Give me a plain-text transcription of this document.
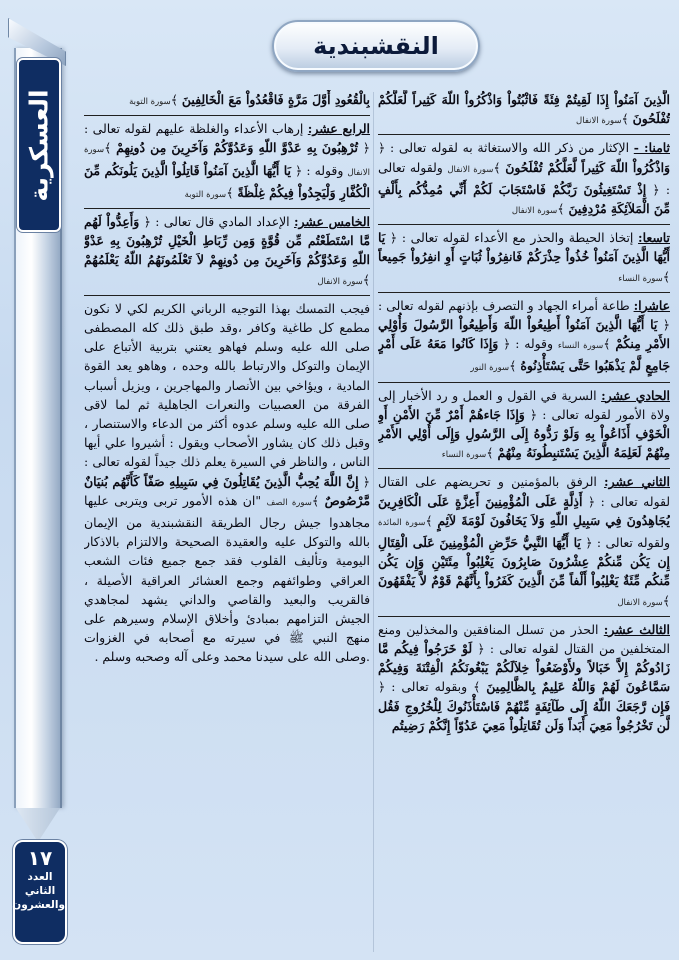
العسكرية
١٧
العدد
الثاني
والعشرون
النقشبندية

الَّذِينَ آمَنُواْ إِذَا لَقِيتُمْ فِئَةً فَاثْبُتُواْ وَاذْكُرُواْ اللّهَ كَثِيراً لَّعَلَّكُمْ تُفْلَحُونَ ﴾سورة الانفال

ثامنا: - الإكثار من ذكر الله والاستغاثة به لقوله تعالى : ﴿ وَاذْكُرُواْ اللّهَ كَثِيراً لَّعَلَّكُمْ تُفْلَحُونَ ﴾سورة الانفال ولقوله تعالى : ﴿ إِذْ تَسْتَغِيثُونَ رَبَّكُمْ فَاسْتَجَابَ لَكُمْ أَنِّي مُمِدُّكُم بِأَلْفٍ مِّنَ الْمَلآئِكَةِ مُرْدِفِينَ ﴾سورة الانفال

تاسعا: إتخاذ الحيطة والحذر مع الأعداء لقوله تعالى : ﴿ يَا أَيُّهَا الَّذِينَ آمَنُواْ خُذُواْ حِذْرَكُمْ فَانفِرُواْ ثُبَاتٍ أَوِ انفِرُواْ جَمِيعاً ﴾سورة النساء

عاشرا: طاعة أمراء الجهاد و التصرف بإذنهم لقوله تعالى : ﴿ يَا أَيُّهَا الَّذِينَ آمَنُواْ أَطِيعُواْ اللّهَ وَأَطِيعُواْ الرَّسُولَ وَأُوْلِي الأَمْرِ مِنكُمْ ﴾سورة النساء وقوله : ﴿ وَإِذَا كَانُوا مَعَهُ عَلَى أَمْرٍ جَامِعٍ لَّمْ يَذْهَبُوا حَتَّى يَسْتَأْذِنُوهُ ﴾سورة النور

الحادي عشر: السرية في القول و العمل و رد الأخبار إلى ولاة الأمور لقوله تعالى : ﴿ وَإِذَا جَاءهُمْ أَمْرٌ مِّنَ الأَمْنِ أَوِ الْخَوْفِ أَذَاعُواْ بِهِ وَلَوْ رَدُّوهُ إِلَى الرَّسُولِ وَإِلَى أُوْلِي الأَمْرِ مِنْهُمْ لَعَلِمَهُ الَّذِينَ يَسْتَنبِطُونَهُ مِنْهُمْ ﴾سورة النساء

الثاني عشر: الرفق بالمؤمنين و تحريضهم على القتال لقوله تعالى : ﴿ أَذِلَّةٍ عَلَى الْمُؤْمِنِينَ أَعِزَّةٍ عَلَى الْكَافِرِينَ يُجَاهِدُونَ فِي سَبِيلِ اللّهِ وَلاَ يَخَافُونَ لَوْمَةَ لآئِمٍ ﴾سورة المائدة ولقوله تعالى : ﴿ يَا أَيُّهَا النَّبِيُّ حَرِّضِ الْمُؤْمِنِينَ عَلَى الْقِتَالِ إِن يَكُن مِّنكُمْ عِشْرُونَ صَابِرُونَ يَغْلِبُواْ مِئَتَيْنِ وَإِن يَكُن مِّنكُم مِّئَةٌ يَغْلِبُواْ أَلْفاً مِّنَ الَّذِينَ كَفَرُواْ بِأَنَّهُمْ قَوْمٌ لاَّ يَفْقَهُونَ ﴾سورة الانفال

الثالث عشر: الحذر من تسلل المنافقين والمخذلين ومنع المتخلفين من القتال لقوله تعالى : ﴿ لَوْ خَرَجُواْ فِيكُم مَّا زَادُوكُمْ إِلاَّ خَبَالاً ولأَوْضَعُواْ خِلاَلَكُمْ يَبْغُونَكُمُ الْفِتْنَةَ وَفِيكُمْ سَمَّاعُونَ لَهُمْ وَاللّهُ عَلِيمٌ بِالظَّالِمِينَ ﴾ وبقوله تعالى : ﴿ فَإِن رَّجَعَكَ اللّهُ إِلَى طَآئِفَةٍ مِّنْهُمْ فَاسْتَأْذَنُوكَ لِلْخُرُوجِ فَقُل لَّن تَخْرُجُواْ مَعِيَ أَبَداً وَلَن تُقَاتِلُواْ مَعِيَ عَدُوّاً إِنَّكُمْ رَضِيتُم

بِالْقُعُودِ أَوَّلَ مَرَّةٍ فَاقْعُدُواْ مَعَ الْخَالِفِينَ ﴾سورة التوبة

الرابع عشر: إرهاب الأعداء والغلظة عليهم لقوله تعالى : ﴿ تُرْهِبُونَ بِهِ عَدْوَّ اللّهِ وَعَدُوَّكُمْ وَآخَرِينَ مِن دُونِهِمْ ﴾سورة الانفال وقوله : ﴿ يَا أَيُّهَا الَّذِينَ آمَنُواْ قَاتِلُواْ الَّذِينَ يَلُونَكُم مِّنَ الْكُفَّارِ وَلْيَجِدُواْ فِيكُمْ غِلْظَةً ﴾سورة التوبة

الخامس عشر: الإعداد المادي قال تعالى : ﴿ وَأَعِدُّواْ لَهُم مَّا اسْتَطَعْتُم مِّن قُوَّةٍ وَمِن رِّبَاطِ الْخَيْلِ تُرْهِبُونَ بِهِ عَدْوَّ اللّهِ وَعَدُوَّكُمْ وَآخَرِينَ مِن دُونِهِمْ لاَ تَعْلَمُونَهُمُ اللّهُ يَعْلَمُهُمْ ﴾سورة الانفال

فيجب التمسك بهذا التوجيه الرباني الكريم لكي لا نكون مطمع كل طاغية وكافر ،وقد طبق ذلك كله المصطفى صلى الله عليه وسلم فهاهو يعتني بتربية الأتباع على الإيمان والتوكل والارتباط بالله وحده ، وهاهو يعد القوة المادية ، ويؤاخي بين الأنصار والمهاجرين ، ويزيل أسباب الفرقة من العصبيات والنعرات الجاهلية ثم لما لاقى صلى الله عليه وسلم عدوه أكثر من الدعاء والاستنصار ، وقبل ذلك كان يشاور الأصحاب ويقول : أشيروا علي أيها الناس ، والناظر في السيرة يعلم ذلك جيداً لقوله تعالى : ﴿ إِنَّ اللَّهَ يُحِبُّ الَّذِينَ يُقَاتِلُونَ فِي سَبِيلِهِ صَفّاً كَأَنَّهُم بُنيَانٌ مَّرْصُوصٌ ﴾سورة الصف "ان هذه الأمور تربى ويتربى عليها مجاهدوا جيش رجال الطريقة النقشبندية من الإيمان بالله والتوكل عليه والعقيدة الصحيحة والالتزام بالاذكار اليومية وتأليف القلوب فقد جمع جميع فئات الشعب العراقي وطوائفهم وجمع العشائر العراقية الأصيلة ، فالقريب والبعيد والقاصي والداني يشهد لمجاهدي الجيش التزامهم بمبادئ وأخلاق الإسلام وسيرهم على منهج النبي ﷺ في سيرته مع أصحابه في الغزوات .وصلى الله على سيدنا محمد وعلى آله وصحبه وسلم .
